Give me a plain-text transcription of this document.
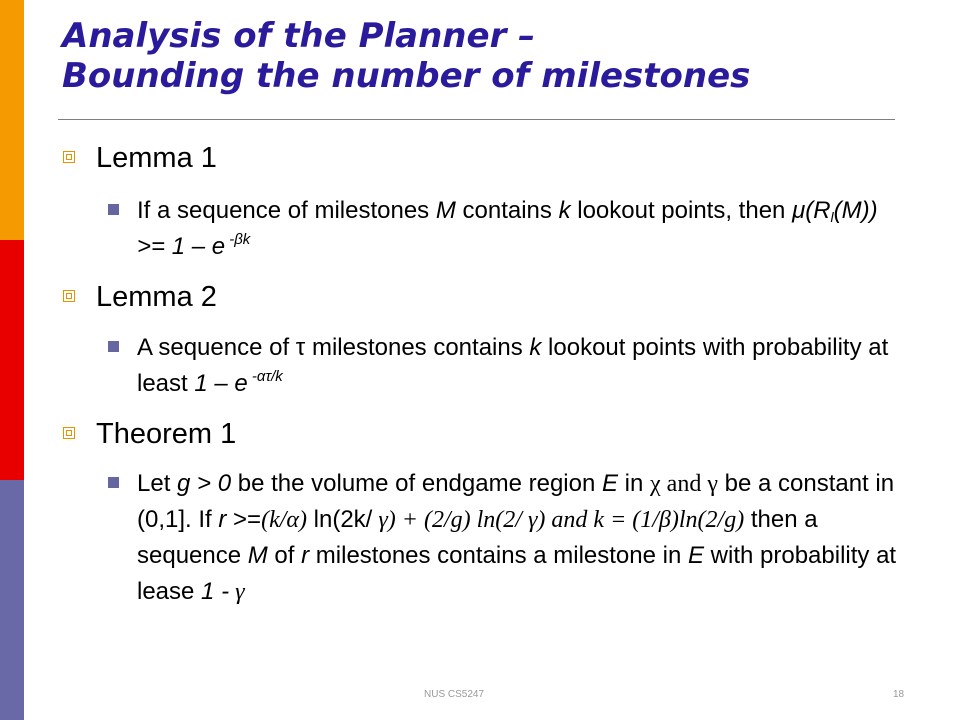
Analysis of the Planner –
Bounding the number of milestones
Lemma 1
If a sequence of milestones M contains k lookout points, then $\mu(R_l(M)) >= 1 - e$ $^{-\beta k}$
Lemma 2
A sequence of τ milestones contains k lookout points with probability at least 1 – e $^{-\alpha\tau/k}$
Theorem 1
Let g > 0 be the volume of endgame region E in χ and γ be a constant in (0,1]. If r >=(k/α) ln(2k/ γ) + (2/g) ln(2/ γ) and k = (1/β)ln(2/g) then a sequence M of r milestones contains a milestone in E with probability at lease 1 - γ
NUS CS5247	18
